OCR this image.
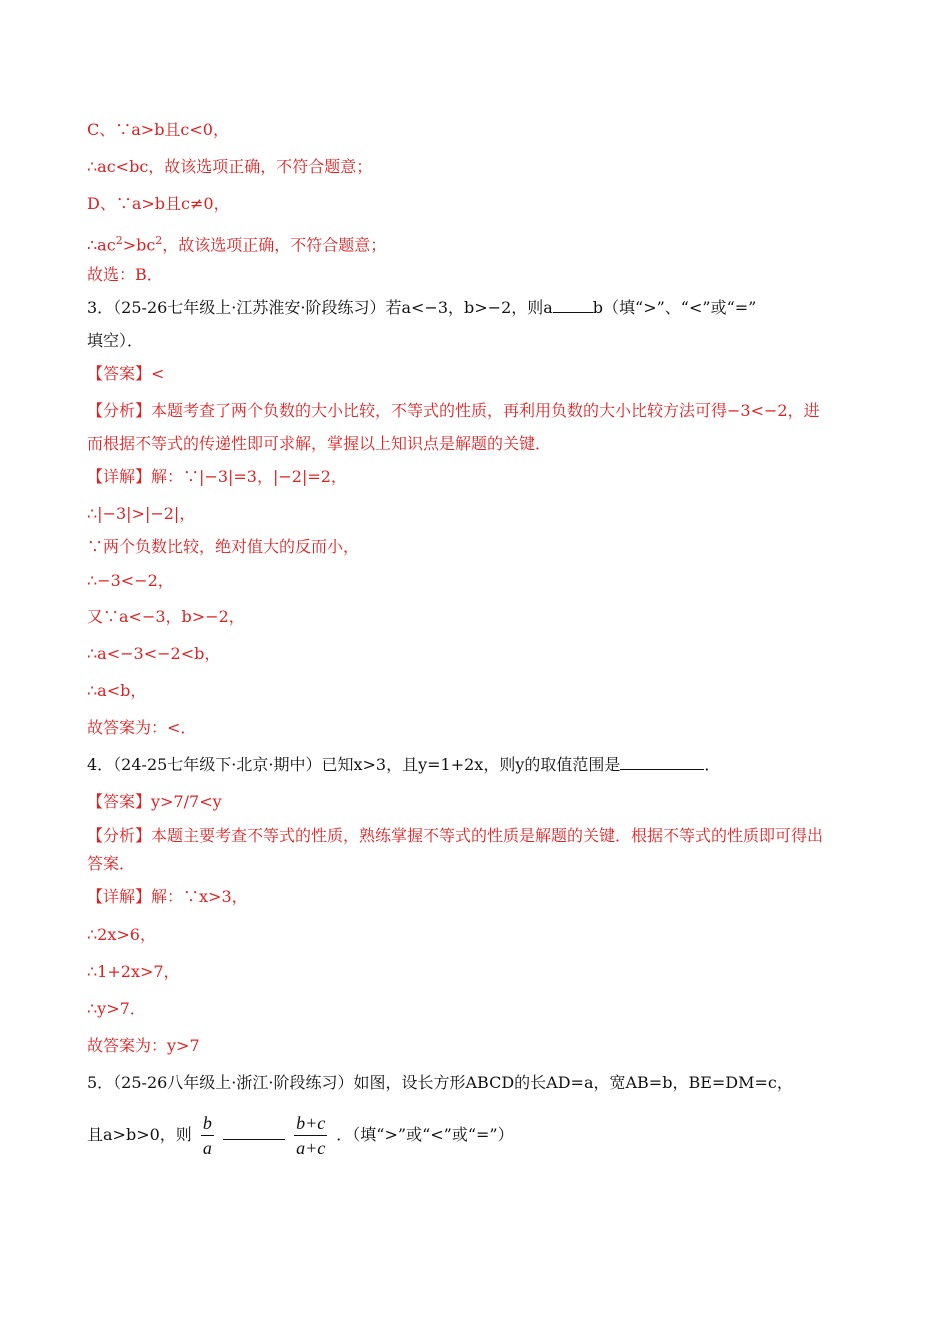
C、∵a>b且c<0，
∴ac<bc，故该选项正确，不符合题意；
D、∵a>b且c≠0，
$\therefore ac^2>bc^2$，故该选项正确，不符合题意；
故选：B．
3．（25-26七年级上·江苏淮安·阶段练习）若a<−3，b>−2，则a	b（填“>”、“<”或“=”
填空）．
【答案】<
【分析】本题考查了两个负数的大小比较，不等式的性质，再利用负数的大小比较方法可得−3<−2，进
而根据不等式的传递性即可求解，掌握以上知识点是解题的关键．
【详解】解：∵|−3|=3，|−2|=2，
∴|−3|>|−2|，
∵两个负数比较，绝对值大的反而小，
∴−3<−2，
又∵a<−3，b>−2，
∴a<−3<−2<b，
∴a<b，
故答案为：<．
4．（24-25七年级下·北京·期中）已知x>3，且y=1+2x，则y的取值范围是	．
【答案】y>7/7<y
【分析】本题主要考查不等式的性质，熟练掌握不等式的性质是解题的关键．根据不等式的性质即可得出
答案．
【详解】解：∵x>3，
∴2x>6，
∴1+2x>7，
∴y>7．
故答案为：y>7
5．（25-26八年级上·浙江·阶段练习）如图，设长方形ABCD的长AD=a，宽AB=b，BE=DM=c，
且a>b>0，则 $\frac{b}{a}$
	$\frac{b+c}{a+c}$ ．（填“>”或“<”或“=”）
